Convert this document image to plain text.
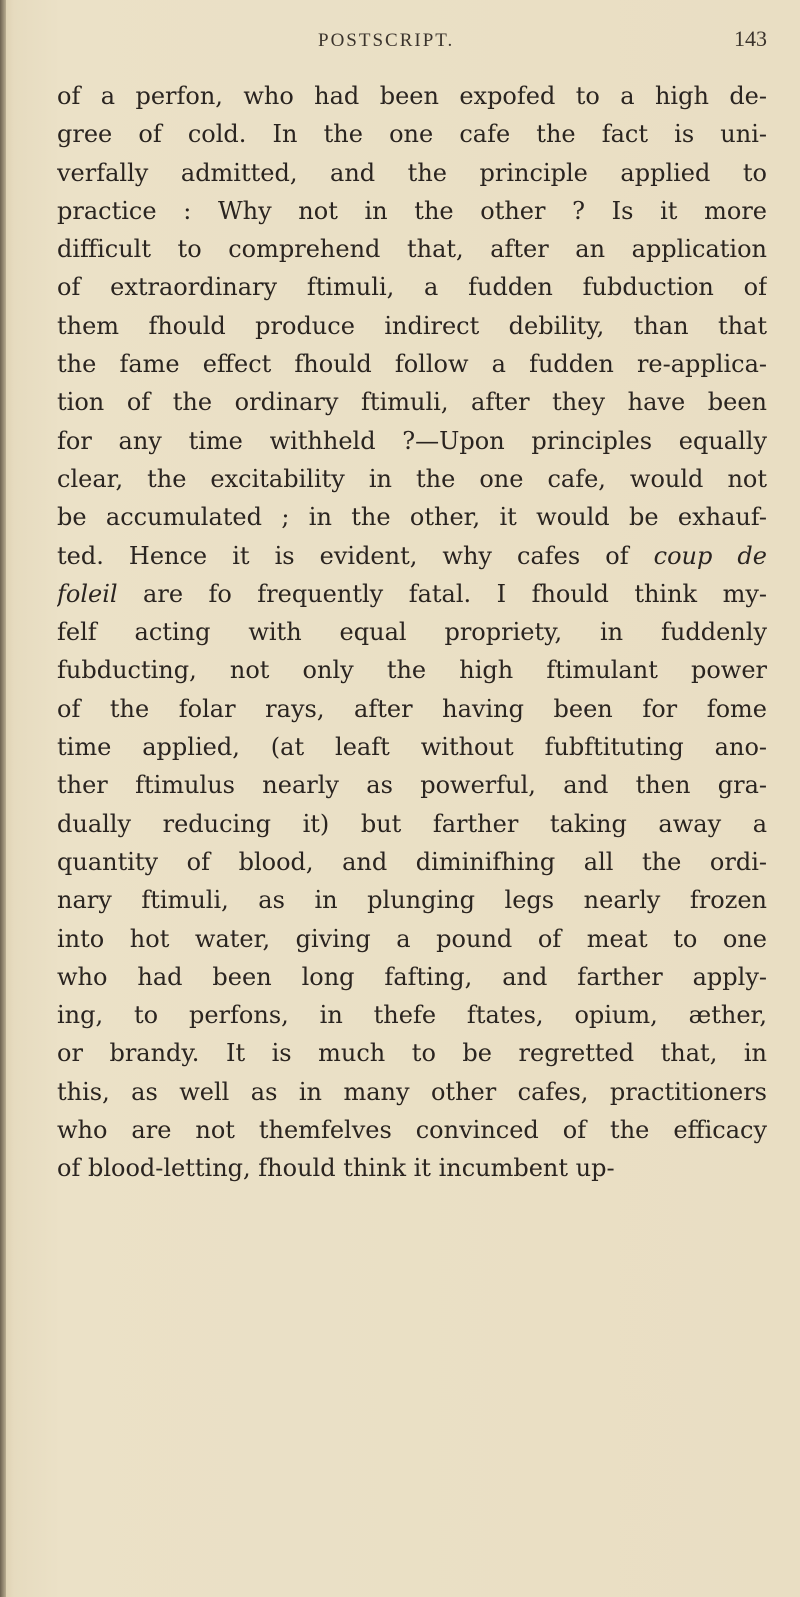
POSTSCRIPT.	143
of a perfon, who had been expofed to a high de-
gree of cold. In the one cafe the fact is uni-
verfally admitted, and the principle applied to
practice : Why not in the other ? Is it more
difficult to comprehend that, after an application
of extraordinary ftimuli, a fudden fubduction of
them fhould produce indirect debility, than that
the fame effect fhould follow a fudden re-applica-
tion of the ordinary ftimuli, after they have been
for any time withheld ?—Upon principles equally
clear, the excitability in the one cafe, would not
be accumulated ; in the other, it would be exhauf-
ted. Hence it is evident, why cafes of coup de
foleil are fo frequently fatal. I fhould think my-
felf acting with equal propriety, in fuddenly
fubducting, not only the high ftimulant power
of the folar rays, after having been for fome
time applied, (at leaft without fubftituting ano-
ther ftimulus nearly as powerful, and then gra-
dually reducing it) but farther taking away a
quantity of blood, and diminifhing all the ordi-
nary ftimuli, as in plunging legs nearly frozen
into hot water, giving a pound of meat to one
who had been long fafting, and farther apply-
ing, to perfons, in thefe ftates, opium, æther,
or brandy. It is much to be regretted that, in
this, as well as in many other cafes, practitioners
who are not themfelves convinced of the efficacy
of blood-letting, fhould think it incumbent up-
